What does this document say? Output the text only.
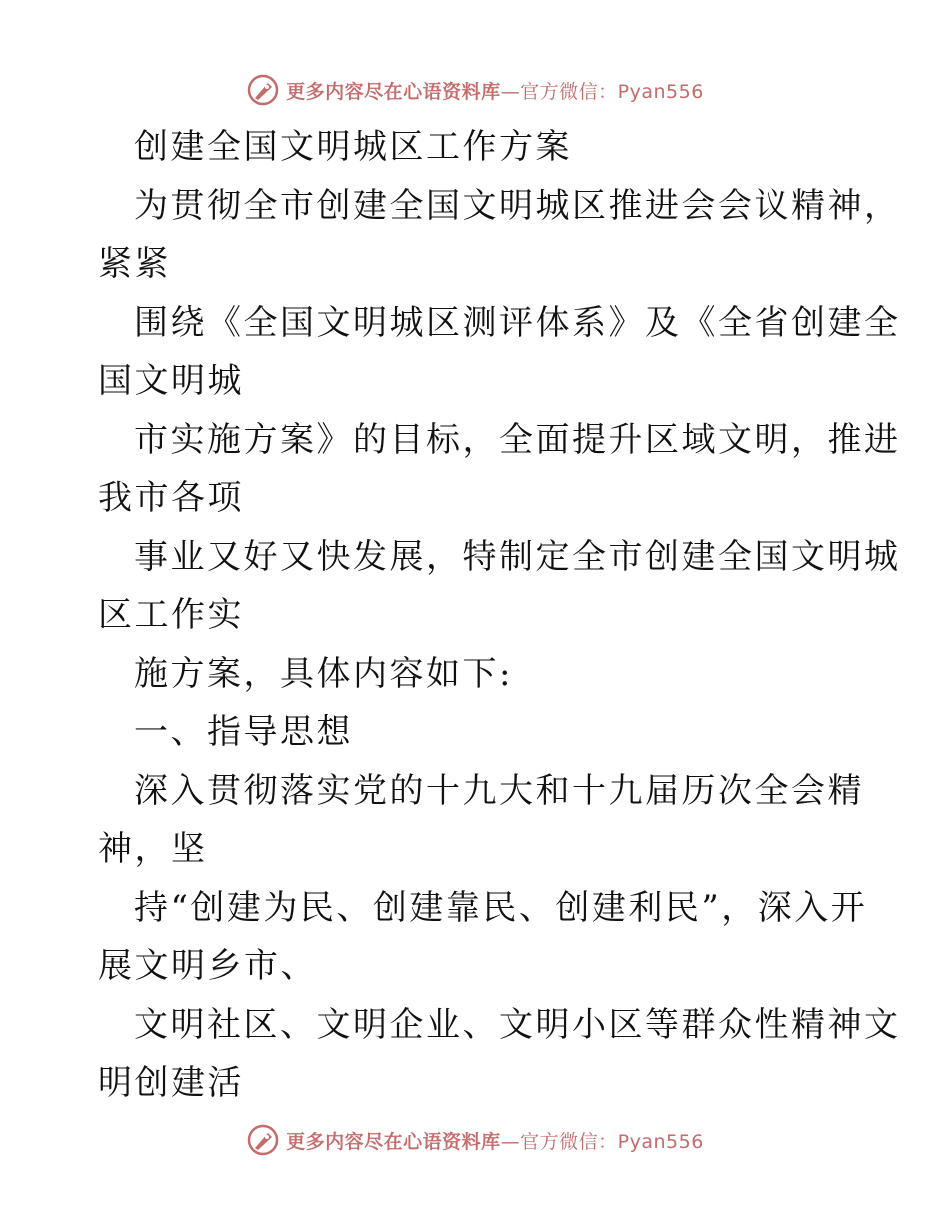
更多内容尽在心语资料库—官方微信：Pyan556
创建全国文明城区工作方案
为贯彻全市创建全国文明城区推进会会议精神，
紧紧
围绕《全国文明城区测评体系》及《全省创建全
国文明城
市实施方案》的目标，全面提升区域文明，推进
我市各项
事业又好又快发展，特制定全市创建全国文明城
区工作实
施方案，具体内容如下:
一、指导思想
深入贯彻落实党的十九大和十九届历次全会精
神，坚
持“创建为民、创建靠民、创建利民”，深入开
展文明乡市、
文明社区、文明企业、文明小区等群众性精神文
明创建活
更多内容尽在心语资料库—官方微信：Pyan556
